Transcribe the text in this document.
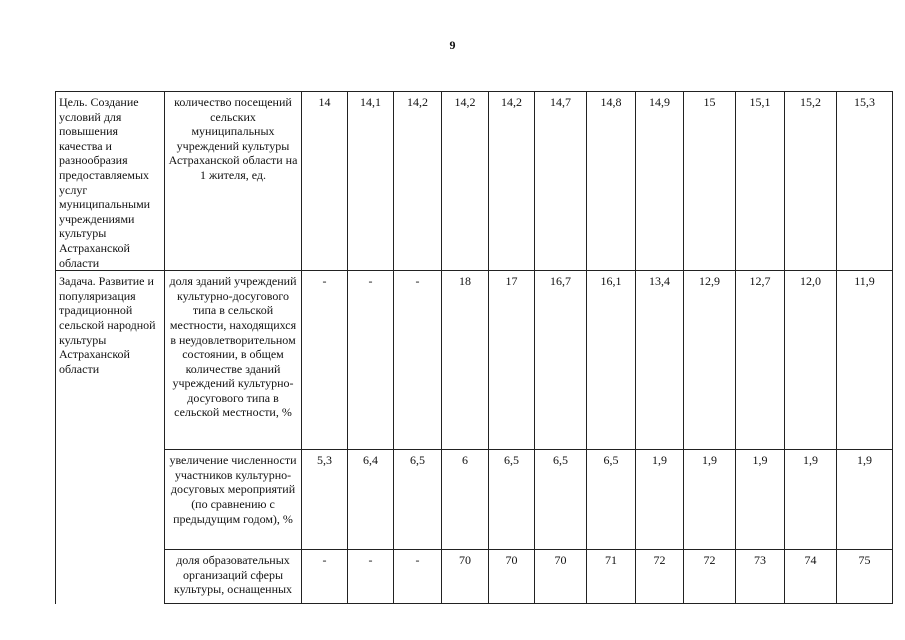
9
Цель. Создание условий для повышения качества и разнообразия предоставляемых услуг муниципальными учреждениями культуры Астраханской области	количество посещений сельских муниципальных учреждений культуры Астраханской области на 1 жителя, ед.	14	14,1	14,2	14,2	14,2	14,7	14,8	14,9	15	15,1	15,2	15,3

Задача. Развитие и популяризация традиционной сельской народной культуры Астраханской области	доля зданий учреждений культурно-досугового типа в сельской местности, находящихся в неудовлетворительном состоянии, в общем количестве зданий учреждений культурно-досугового типа в сельской местности, %	-	-	-	18	17	16,7	16,1	13,4	12,9	12,7	12,0	11,9

	увеличение численности участников культурно-досуговых мероприятий (по сравнению с предыдущим годом), %	5,3	6,4	6,5	6	6,5	6,5	6,5	1,9	1,9	1,9	1,9	1,9

	доля образовательных организаций сферы культуры, оснащенных	-	-	-	70	70	70	71	72	72	73	74	75
